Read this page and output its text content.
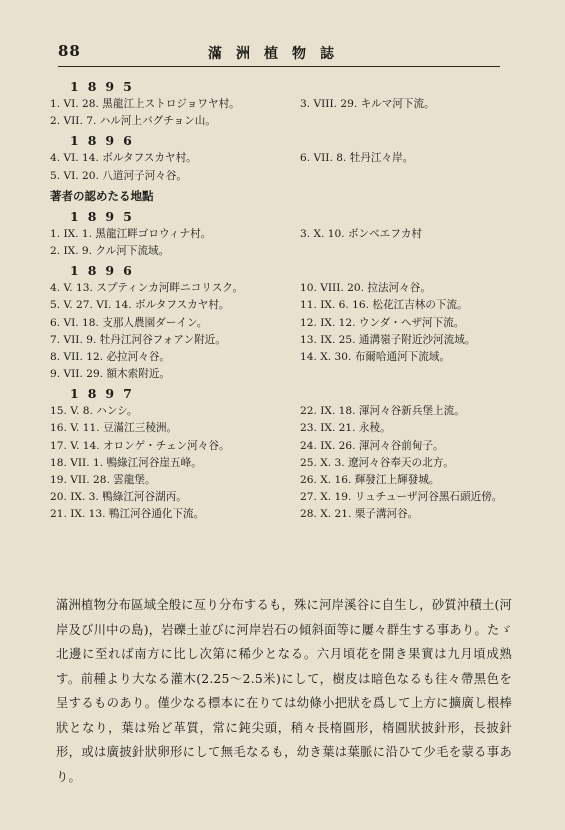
88	滿洲植物誌
1895
1. VI. 28. 黑龍江上ストロジョワヤ村。	3. VIII. 29. キルマ河下流。
2. VII. 7. ハル河上バグチョン山。
1896
4. VI. 14. ボルタフスカヤ村。	6. VII. 8. 牡丹江々岸。
5. VI. 20. 八道河子河々谷。
著者の認めたる地點
1895
1. IX. 1. 黑龍江畔ゴロウィナ村。	3. X. 10. ボンベエフカ村
2. IX. 9. クル河下流域。
1896
4. V. 13. スプティンカ河畔ニコリスク。	10. VIII. 20. 拉法河々谷。
5. V. 27. VI. 14. ボルタフスカヤ村。	11. IX. 6. 16. 松花江吉林の下流。
6. VI. 18. 支那人農園ダーイン。	12. IX. 12. ウンダ・ヘザ河下流。
7. VII. 9. 牡丹江河谷フォアン附近。	13. IX. 25. 通溝嶺子附近沙河流域。
8. VII. 12. 必拉河々谷。	14. X. 30. 布爾哈通河下流域。
9. VII. 29. 額木索附近。
1897
15. V. 8. ハンシ。	22. IX. 18. 渾河々谷新兵堡上流。
16. V. 11. 豆滿江三稜洲。	23. IX. 21. 永稜。
17. V. 14. オロンゲ・チェン河々谷。	24. IX. 26. 渾河々谷前甸子。
18. VII. 1. 鴨綠江河谷崖五峰。	25. X. 3. 遼河々谷奉天の北方。
19. VII. 28. 雲龍堡。	26. X. 16. 輝發江上輝發城。
20. IX. 3. 鴨綠江河谷湖丙。	27. X. 19. リュチューザ河谷黑石頭近傍。
21. IX. 13. 鴨江河谷通化下流。	28. X. 21. 栗子溝河谷。

滿洲植物分布區域全般に亙り分布するも，殊に河岸溪谷に自生し，砂質沖積土(河岸及び川中の島)，岩礫土並びに河岸岩石の傾斜面等に屢々群生する事あり。たゞ北邊に至れば南方に比し次第に稀少となる。六月頃花を開き果實は九月頃成熟す。前種より大なる灌木(2.25〜2.5米)にして，樹皮は暗色なるも往々帶黑色を呈するものあり。僅少なる標本に在りては幼條小把狀を爲して上方に擴廣し根棒狀となり，葉は殆ど革質，常に鈍尖頭，稍々長楕圓形，楕圓狀披針形，長披針形，或は廣披針狀卵形にして無毛なるも，幼き葉は葉脈に沿ひて少毛を蒙る事あり。
